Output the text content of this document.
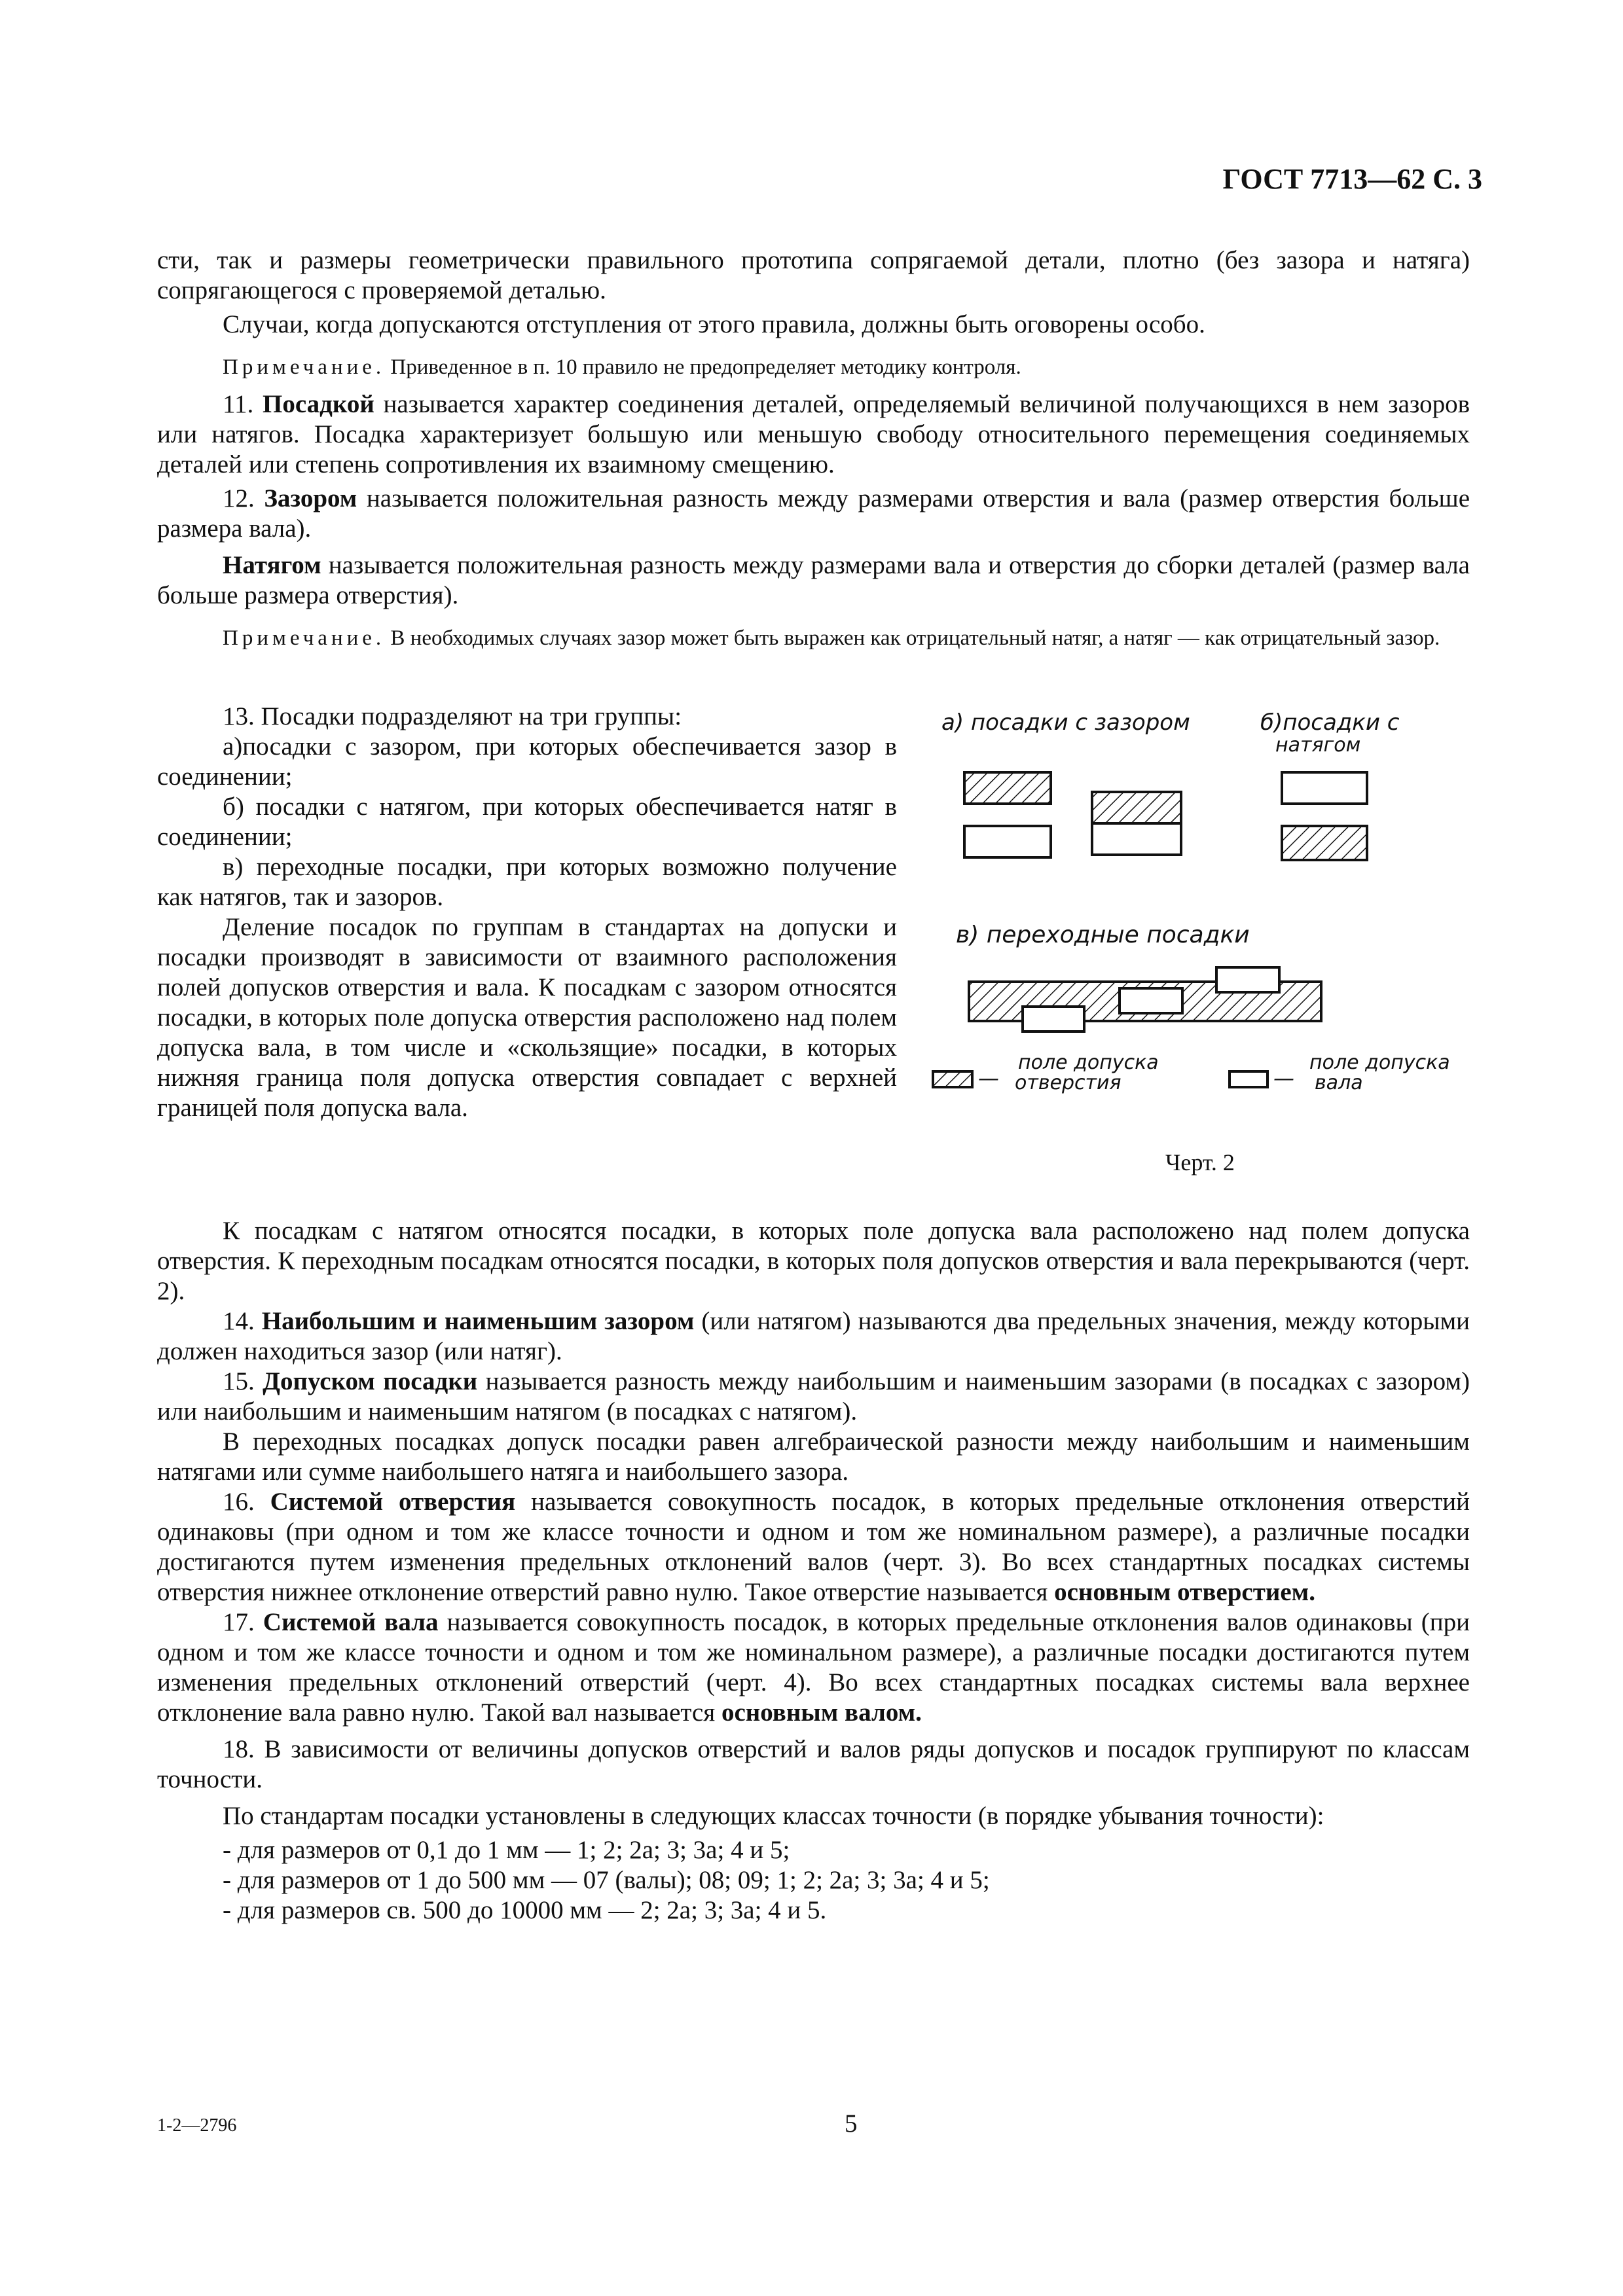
ГОСТ 7713—62 С. 3

сти, так и размеры геометрически правильного прототипа сопрягаемой детали, плотно (без зазора и натяга) сопрягающегося с проверяемой деталью.

Случаи, когда допускаются отступления от этого правила, должны быть оговорены особо.

Примечание. Приведенное в п. 10 правило не предопределяет методику контроля.

11. Посадкой называется характер соединения деталей, определяемый величиной получающихся в нем зазоров или натягов. Посадка характеризует большую или меньшую свободу относительного перемещения соединяемых деталей или степень сопротивления их взаимному смещению.

12. Зазором называется положительная разность между размерами отверстия и вала (размер отверстия больше размера вала).

Натягом называется положительная разность между размерами вала и отверстия до сборки деталей (размер вала больше размера отверстия).

Примечание. В необходимых случаях зазор может быть выражен как отрицательный натяг, а натяг — как отрицательный зазор.

13. Посадки подразделяют на три группы:

а)посадки с зазором, при которых обеспечивается зазор в соединении;

б) посадки с натягом, при которых обеспечивается натяг в соединении;

в) переходные посадки, при которых возможно получение как натягов, так и зазоров.

Деление посадок по группам в стандартах на допуски и посадки производят в зависимости от взаимного расположения полей допусков отверстия и вала. К посадкам с зазором относятся посадки, в которых поле допуска отверстия расположено над полем допуска вала, в том числе и «скользящие» посадки, в которых нижняя граница поля допуска отверстия совпадает с верхней границей поля допуска вала.

а) посадки с зазором	б)посадки с
натягом
в) переходные посадки
—
поле допуска
отверстия	—
поле допуска
вала
Черт. 2

К посадкам с натягом относятся посадки, в которых поле допуска вала расположено над полем допуска отверстия. К переходным посадкам относятся посадки, в которых поля допусков отверстия и вала перекрываются (черт. 2).

14. Наибольшим и наименьшим зазором (или натягом) называются два предельных значения, между которыми должен находиться зазор (или натяг).

15. Допуском посадки называется разность между наибольшим и наименьшим зазорами (в посадках с зазором) или наибольшим и наименьшим натягом (в посадках с натягом).

В переходных посадках допуск посадки равен алгебраической разности между наибольшим и наименьшим натягами или сумме наибольшего натяга и наибольшего зазора.

16. Системой отверстия называется совокупность посадок, в которых предельные отклонения отверстий одинаковы (при одном и том же классе точности и одном и том же номинальном размере), а различные посадки достигаются путем изменения предельных отклонений валов (черт. 3). Во всех стандартных посадках системы отверстия нижнее отклонение отверстий равно нулю. Такое отверстие называется основным отверстием.

17. Системой вала называется совокупность посадок, в которых предельные отклонения валов одинаковы (при одном и том же классе точности и одном и том же номинальном размере), а различные посадки достигаются путем изменения предельных отклонений отверстий (черт. 4). Во всех стандартных посадках системы вала верхнее отклонение вала равно нулю. Такой вал называется основным валом.

18. В зависимости от величины допусков отверстий и валов ряды допусков и посадок группируют по классам точности.

По стандартам посадки установлены в следующих классах точности (в порядке убывания точности):

- для размеров от 0,1 до 1 мм — 1; 2; 2а; 3; 3а; 4 и 5;

- для размеров от 1 до 500 мм — 07 (валы); 08; 09; 1; 2; 2а; 3; 3а; 4 и 5;

- для размеров св. 500 до 10000 мм — 2; 2а; 3; 3а; 4 и 5.

1-2—2796	5
